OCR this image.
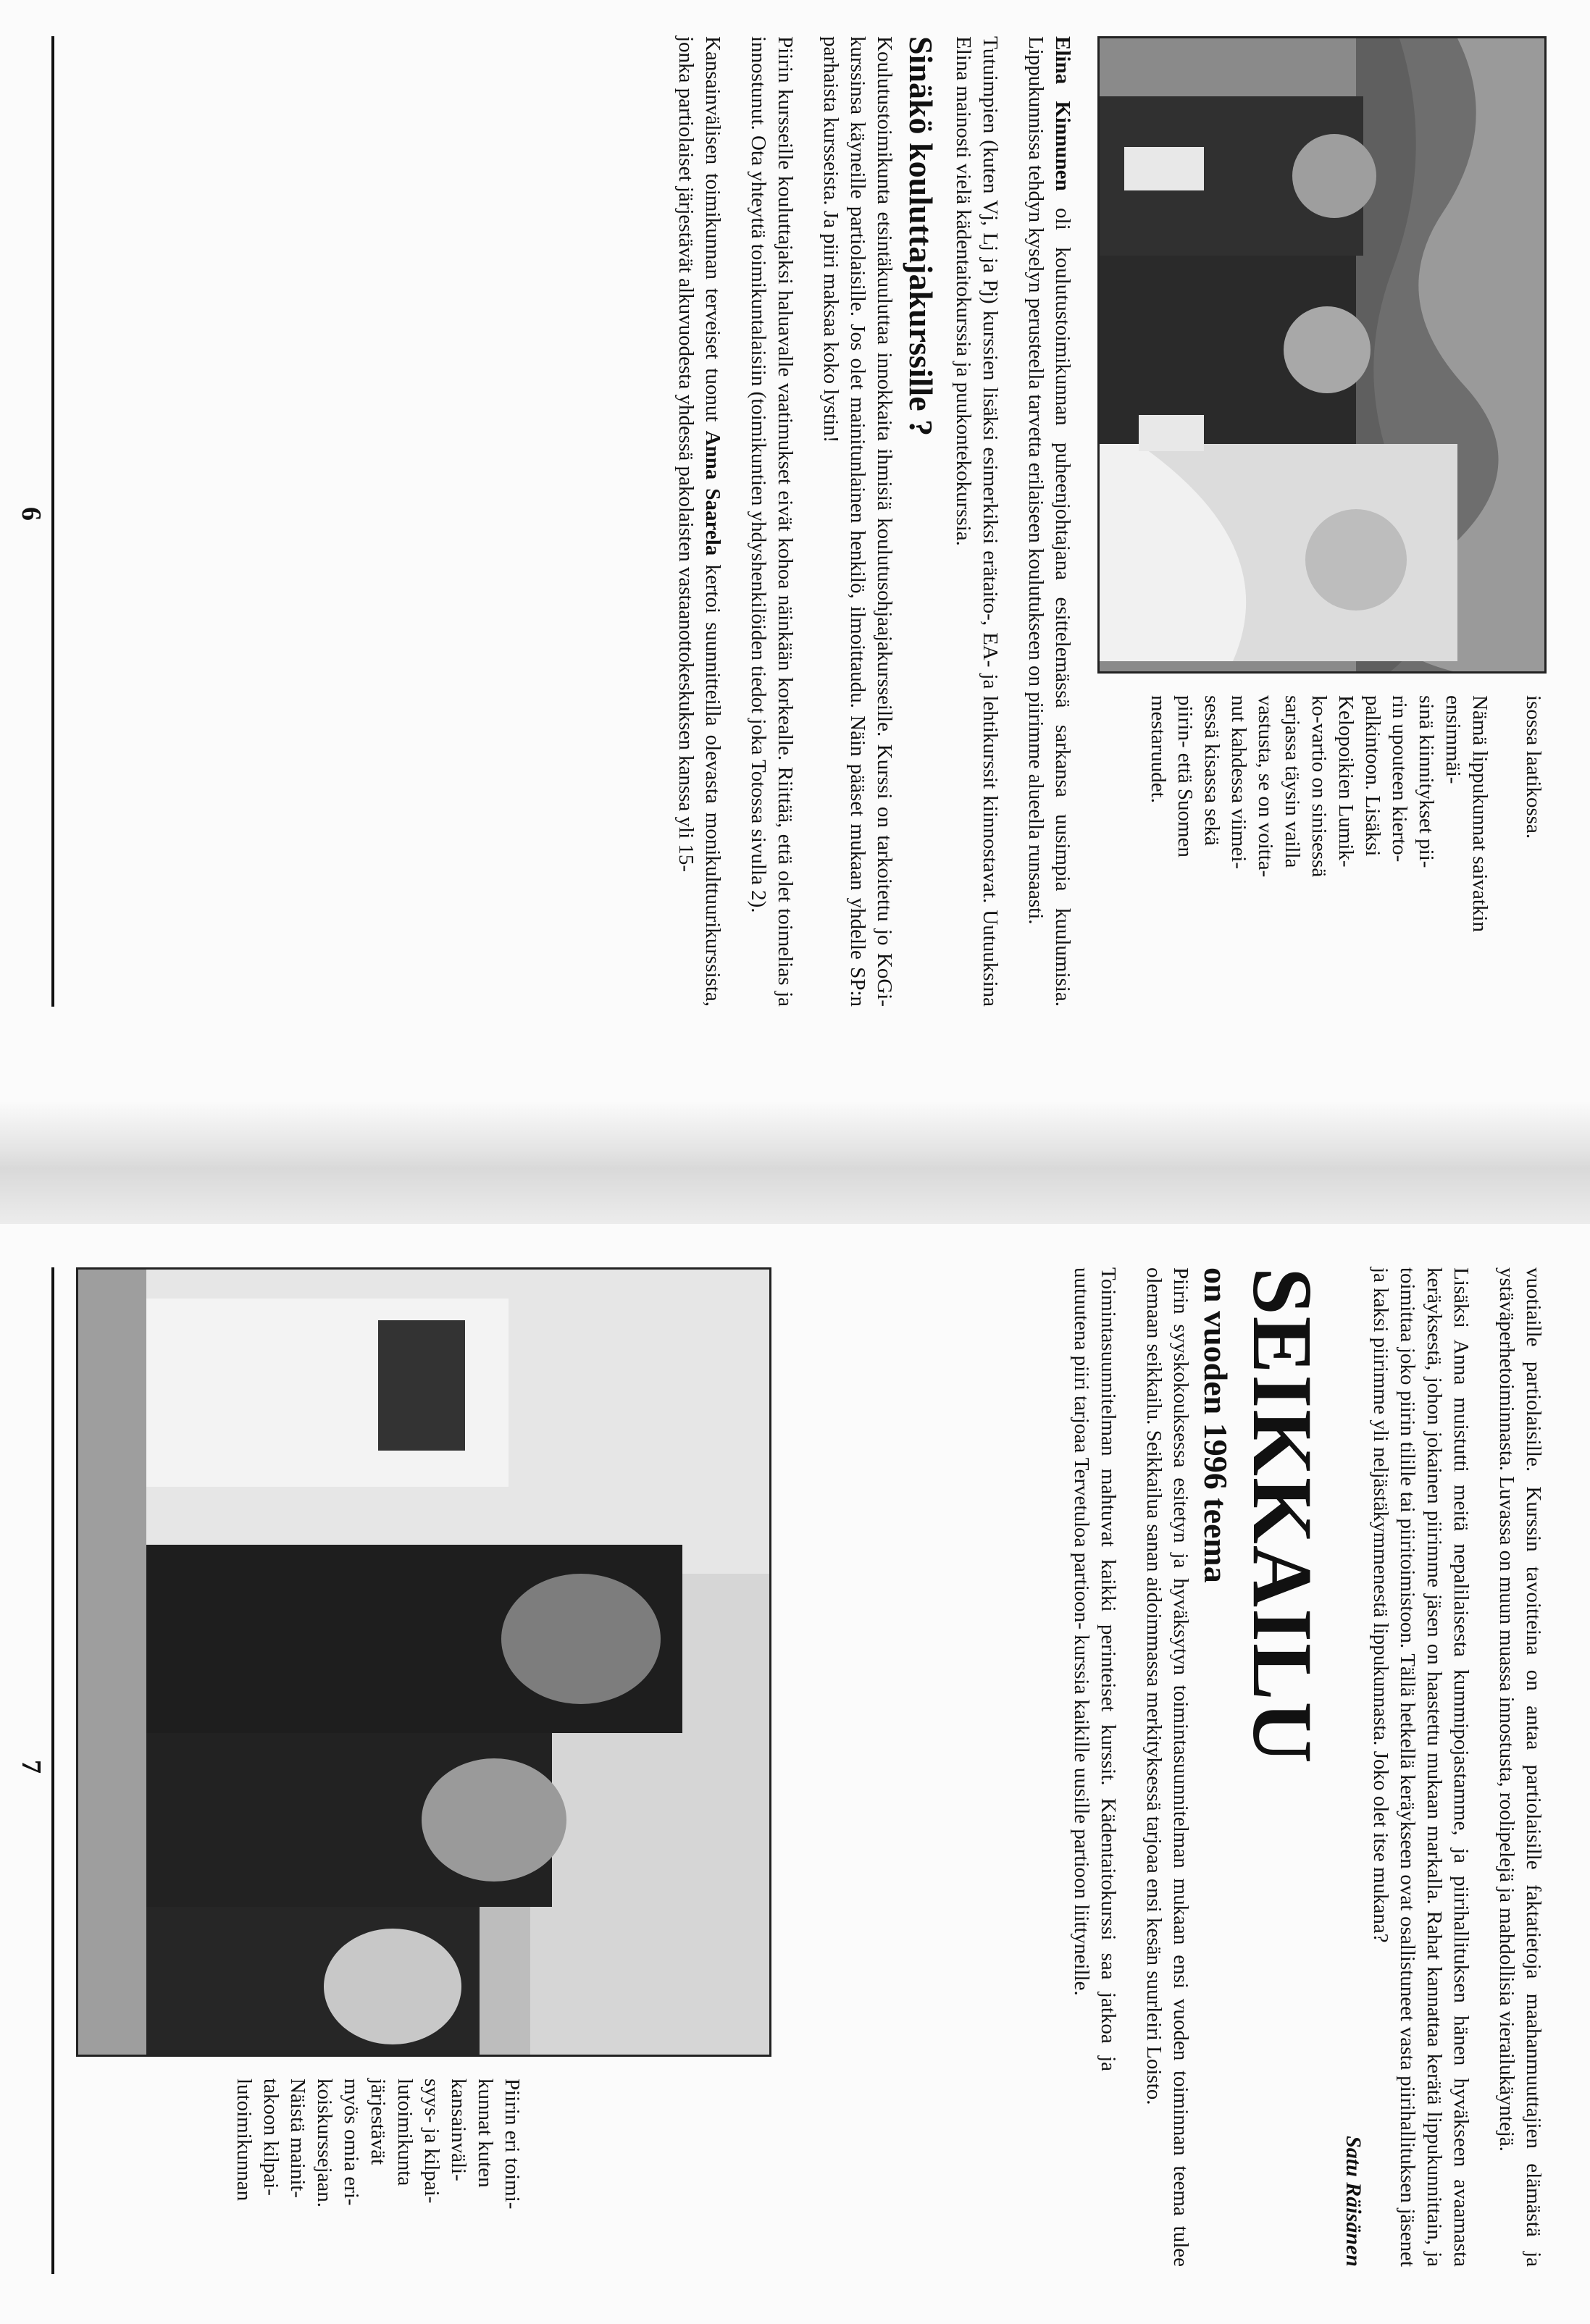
isossa laatikossa.
Nämä lippukunnat saivatkin ensimmäi-
sinä kiinnitykset pii-
rin upouteen kierto-
palkintoon. Lisäksi
Kelopoikien Lumik-
ko-vartio on sinisessä
sarjassa täysin vailla
vastusta, se on voitta-
nut kahdessa viimei-
sessä kisassa sekä
piirin- että Suomen
mestaruudet.

Elina Kinnunen oli koulutustoimikunnan puheenjohtajana esittelemässä sarkansa uusimpia kuulumisia. Lippukunnissa tehdyn kyselyn perusteella tarvetta erilaiseen koulutukseen on piirimme alueella runsaasti.

Tutuimpien (kuten Vj, Lj ja Pj) kurssien lisäksi esimerkiksi erätaito-, EA- ja lehtikurssit kiinnostavat. Uutuuksina Elina mainosti vielä kädentaitokurssia ja puukontekokurssia.

Sinäkö kouluttajakurssille ?

Koulutustoimikunta etsintäkuuluttaa innokkaita ihmisiä koulutusohjaajakursseille. Kurssi on tarkoitettu jo KoGi-kurssinsa käyneille partiolaisille. Jos olet mainitunlainen henkilö, ilmoittaudu. Näin pääset mukaan yhdelle SP:n parhaista kursseista. Ja piiri maksaa koko lystin!

Piirin kursseille kouluttajaksi haluavalle vaatimukset eivät kohoa näinkään korkealle. Riittää, että olet toimelias ja innostunut. Ota yhteyttä toimikuntalaisiin (toimikuntien yhdyshenkilöiden tiedot joka Totossa sivulla 2).

Kansainvälisen toimikunnan terveiset tuonut Anna Saarela kertoi suunnitteilla olevasta monikulttuurikurssista, jonka partiolaiset järjestävät alkuvuodesta yhdessä pakolaisten vastaanottokeskuksen kanssa yli 15-

6

vuotiaille partiolaisille. Kurssin tavoitteina on antaa partiolaisille faktatietoja maahanmuuttajien elämästä ja ystäväperhetoiminnasta. Luvassa on muun muassa innostusta, roolipelejä ja mahdollisia vierailukäyntejä.

Lisäksi Anna muistutti meitä nepalilaisesta kummipojastamme, ja piirihallituksen hänen hyväkseen avaamasta keräyksestä, johon jokainen piirimme jäsen on haastettu mukaan markalla. Rahat kannattaa kerätä lippukunnittain, ja toimittaa joko piirin tilille tai piiritoimistoon. Tällä hetkellä keräykseen ovat osallistuneet vasta piirihallituksen jäsenet ja kaksi piirimme yli neljästäkymmenestä lippukunnasta. Joko olet itse mukana?

Satu Räisänen
SEIKKAILU
on vuoden 1996 teema

Piirin syyskokouksessa esitetyn ja hyväksytyn toimintasuunnitelman mukaan ensi vuoden toiminnan teema tulee olemaan seikkailu. Seikkailua sanan aidoimmassa merkityksessä tarjoaa ensi kesän suurleiri Loisto.

Toimintasuunnitelman mahtuvat kaikki perinteiset kurssit. Kädentaitokurssi saa jatkoa ja uutuutena piiri tarjoaa Tervetuloa partioon- kurssia kaikille uusille partioon liittyneille.

Piirin eri toimi-
kunnat kuten
kansainväli-
syys- ja kilpai-
lutoimikunta
järjestävät
myös omia eri-
koiskurssejaan.
Näistä mainit-
takoon kilpai-
lutoimikunnan
7
